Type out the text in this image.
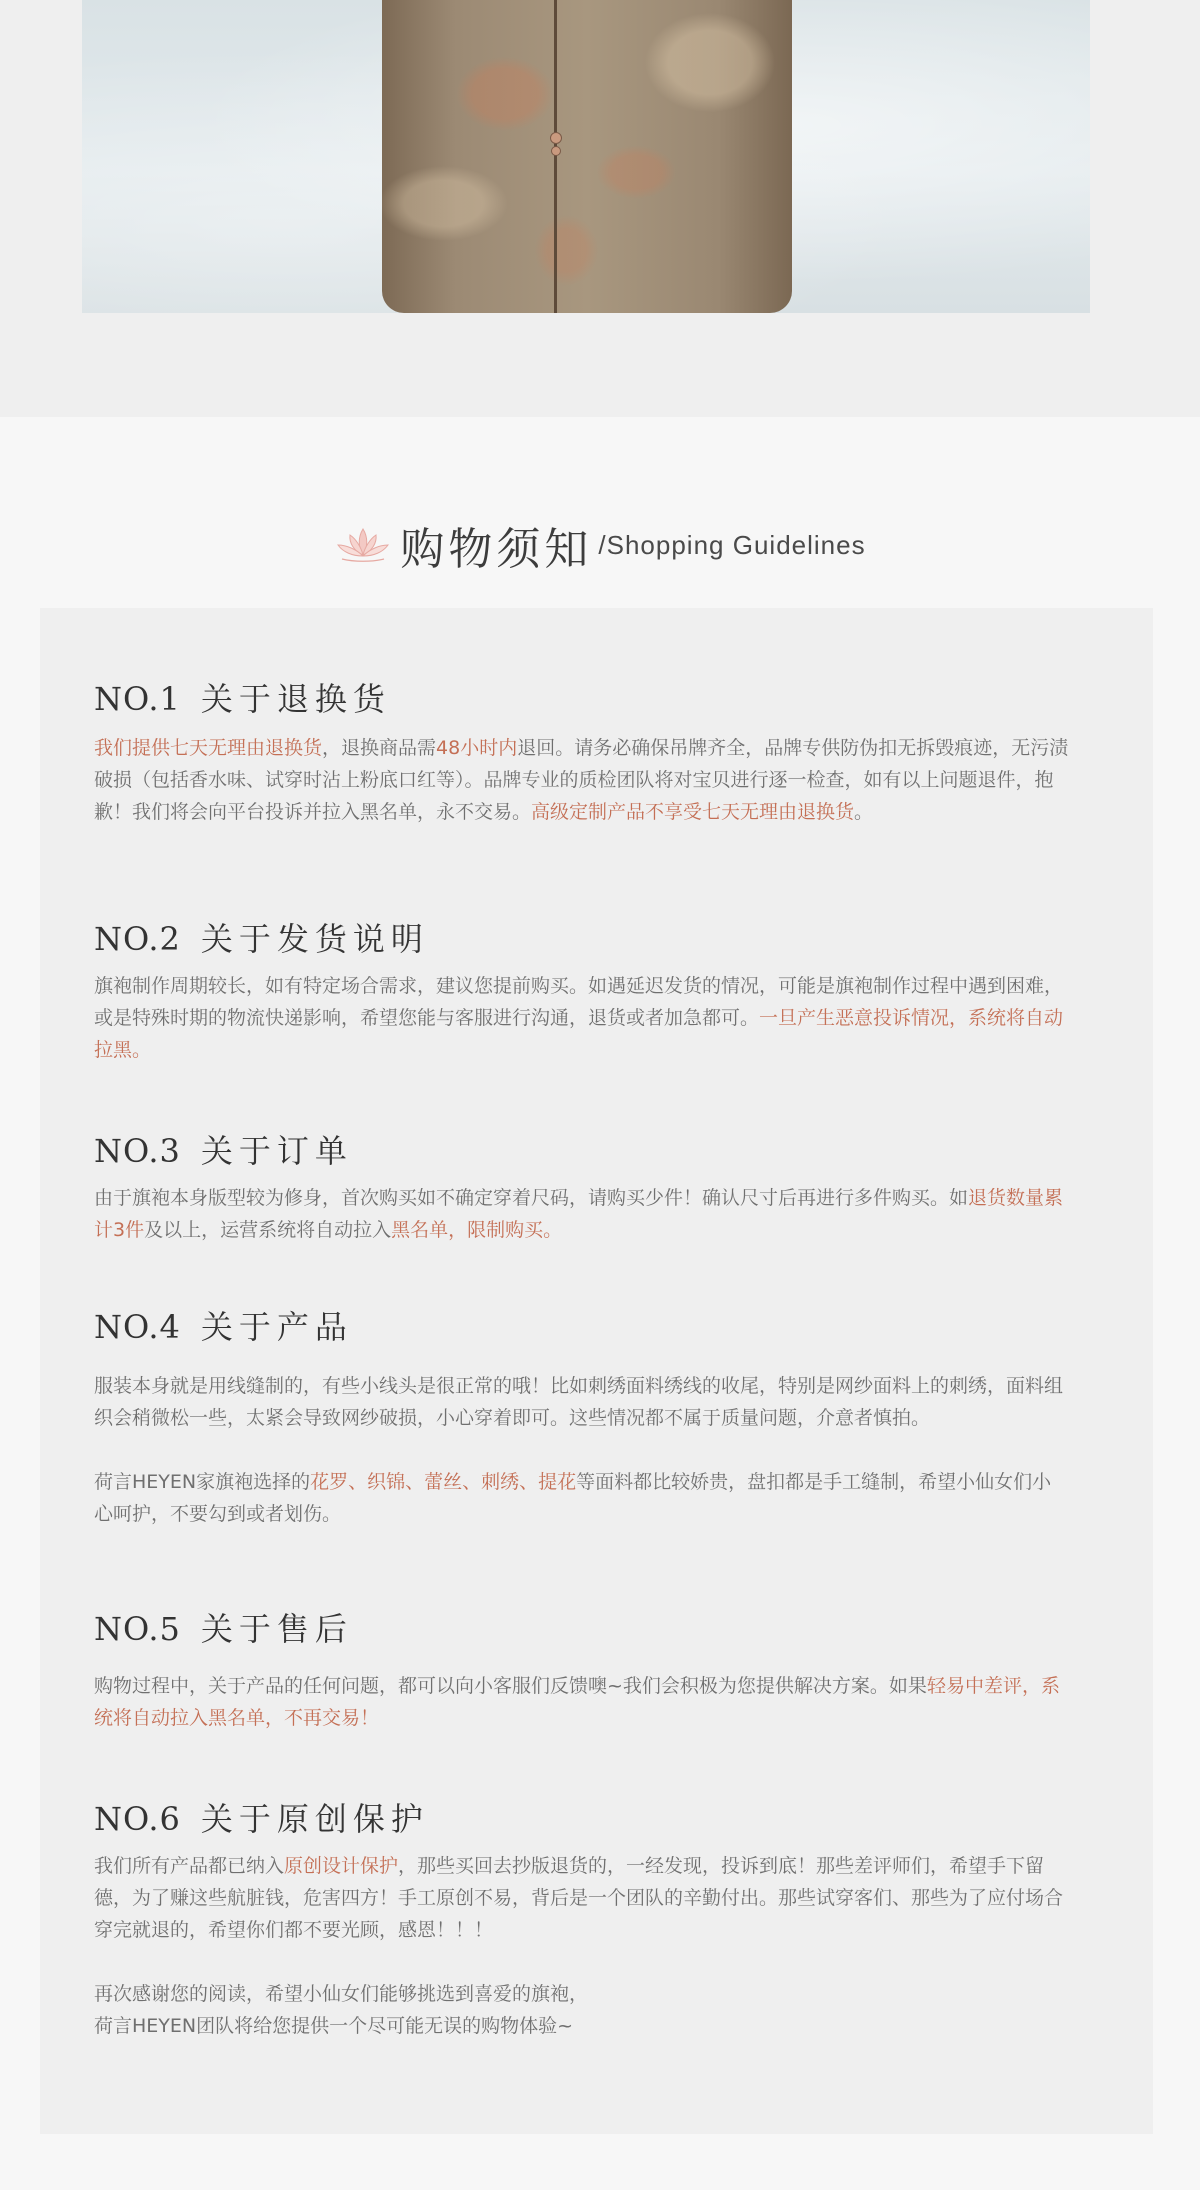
购物须知 /Shopping Guidelines
NO.1 关于退换货

我们提供七天无理由退换货，退换商品需48小时内退回。请务必确保吊牌齐全，品牌专供防伪扣无拆毁痕迹，无污渍破损（包括香水味、试穿时沾上粉底口红等）。品牌专业的质检团队将对宝贝进行逐一检查，如有以上问题退件，抱歉！我们将会向平台投诉并拉入黑名单，永不交易。高级定制产品不享受七天无理由退换货。

NO.2 关于发货说明

旗袍制作周期较长，如有特定场合需求，建议您提前购买。如遇延迟发货的情况，可能是旗袍制作过程中遇到困难，或是特殊时期的物流快递影响，希望您能与客服进行沟通，退货或者加急都可。一旦产生恶意投诉情况，系统将自动拉黑。

NO.3 关于订单

由于旗袍本身版型较为修身，首次购买如不确定穿着尺码，请购买少件！确认尺寸后再进行多件购买。如退货数量累计3件及以上，运营系统将自动拉入黑名单，限制购买。

NO.4 关于产品

服装本身就是用线缝制的，有些小线头是很正常的哦！比如刺绣面料绣线的收尾，特别是网纱面料上的刺绣，面料组织会稍微松一些，太紧会导致网纱破损，小心穿着即可。这些情况都不属于质量问题，介意者慎拍。

荷言HEYEN家旗袍选择的花罗、织锦、蕾丝、刺绣、提花等面料都比较娇贵，盘扣都是手工缝制，希望小仙女们小心呵护，不要勾到或者划伤。

NO.5 关于售后

购物过程中，关于产品的任何问题，都可以向小客服们反馈噢~我们会积极为您提供解决方案。如果轻易中差评，系统将自动拉入黑名单，不再交易！

NO.6 关于原创保护

我们所有产品都已纳入原创设计保护，那些买回去抄版退货的，一经发现，投诉到底！那些差评师们，希望手下留德，为了赚这些航脏钱，危害四方！手工原创不易，背后是一个团队的辛勤付出。那些试穿客们、那些为了应付场合穿完就退的，希望你们都不要光顾，感恩！！！

再次感谢您的阅读，希望小仙女们能够挑选到喜爱的旗袍，

荷言HEYEN团队将给您提供一个尽可能无误的购物体验~
